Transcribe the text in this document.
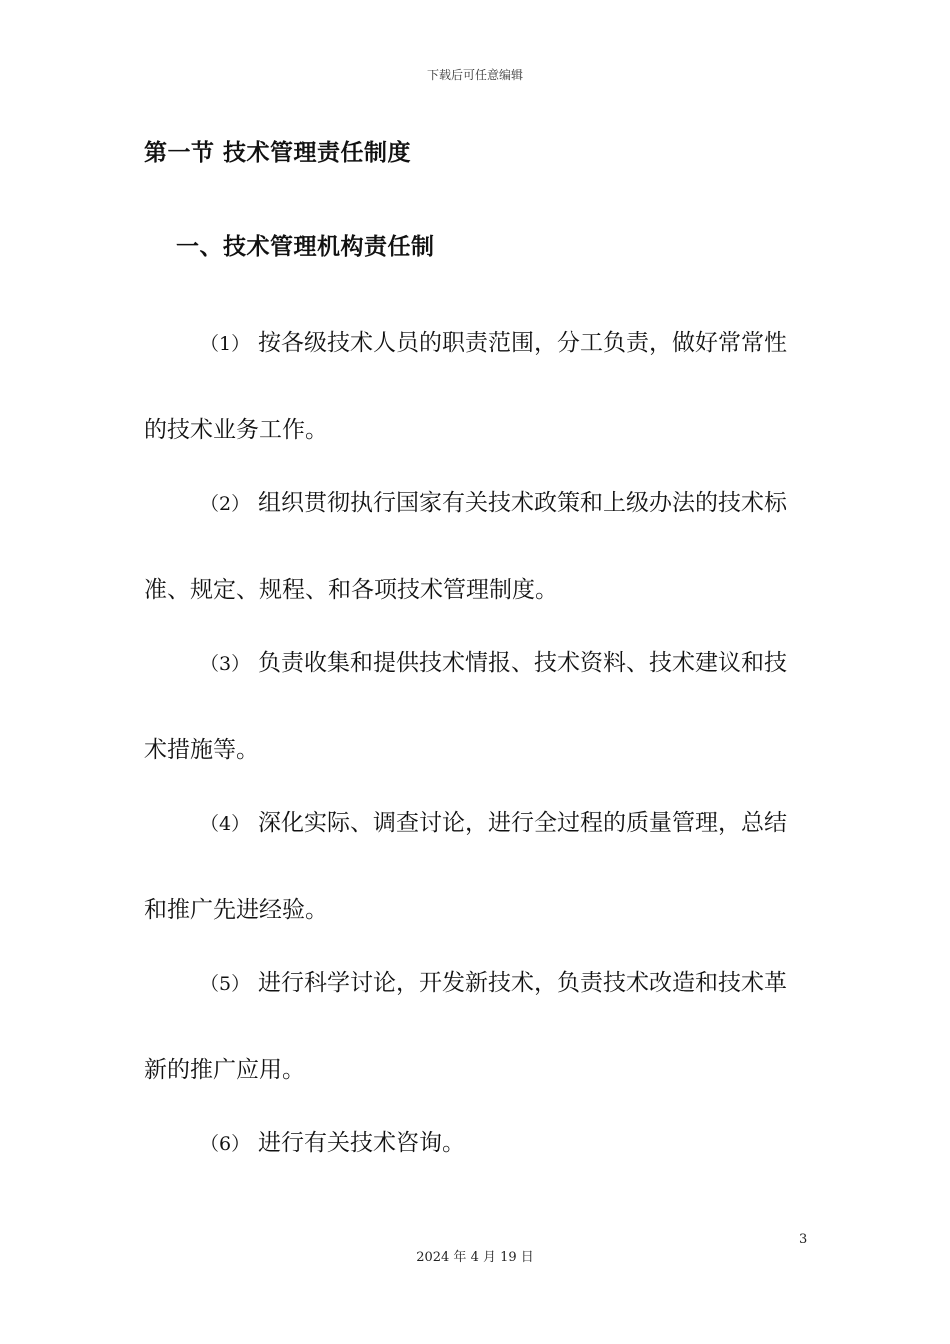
下载后可任意编辑
第一节 技术管理责任制度
一、技术管理机构责任制
（1） 按各级技术人员的职责范围，分工负责，做好常常性
的技术业务工作。
（2） 组织贯彻执行国家有关技术政策和上级办法的技术标
准、规定、规程、和各项技术管理制度。
（3） 负责收集和提供技术情报、技术资料、技术建议和技
术措施等。
（4） 深化实际、调查讨论，进行全过程的质量管理，总结
和推广先进经验。
（5） 进行科学讨论，开发新技术，负责技术改造和技术革
新的推广应用。
（6） 进行有关技术咨询。
3
2024 年 4 月 19 日
